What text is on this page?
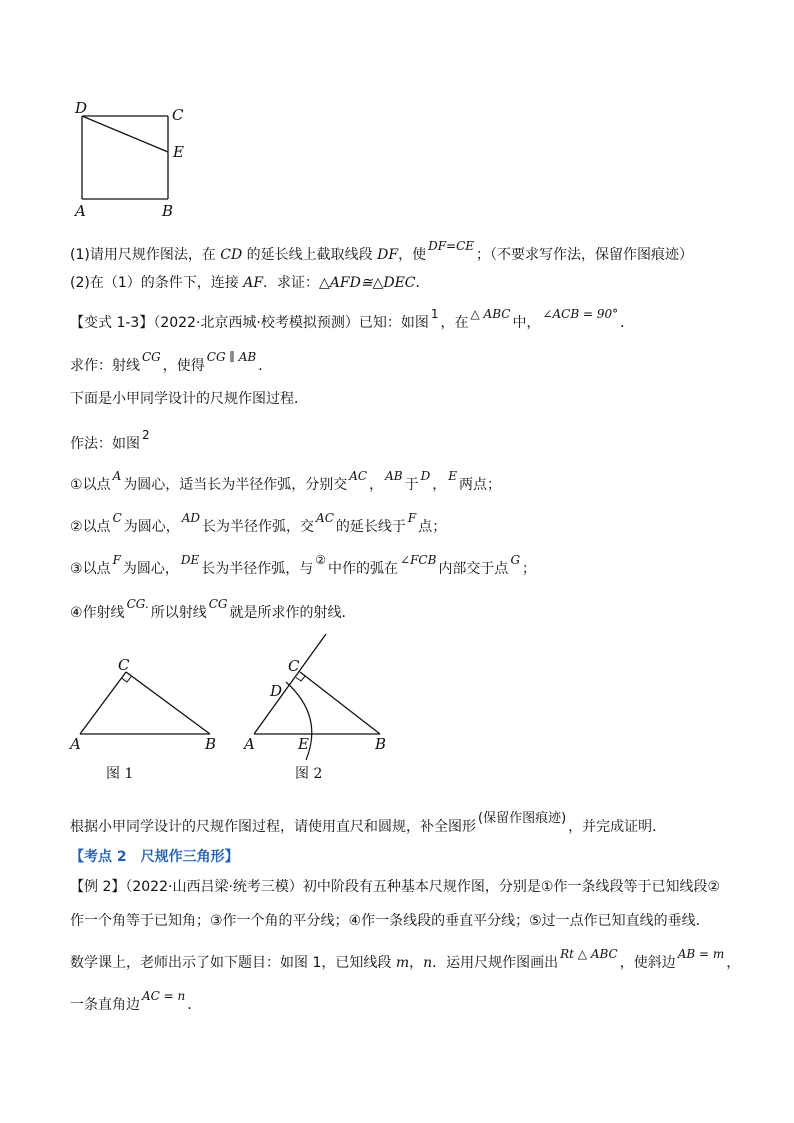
D	C
E
A	B
(1)请用尺规作图法，在 CD 的延长线上截取线段 DF，使DF=CE；（不要求写作法，保留作图痕迹）
(2)在（1）的条件下，连接 AF．求证：△AFD≅△DEC．
【变式 1-3】（2022·北京西城·校考模拟预测）已知：如图1，在△ ABC中，∠ACB = 90°．
求作：射线CG，使得CG ∥ AB．
下面是小甲同学设计的尺规作图过程．
作法：如图2
①以点A为圆心，适当长为半径作弧，分别交AC，AB于D，E两点；
②以点C为圆心，AD长为半径作弧，交AC的延长线于F点；
③以点F为圆心，DE长为半径作弧，与②中作的弧在∠FCB内部交于点G；
④作射线CG.所以射线CG就是所求作的射线．
C
A	B
图 1
C
D
A	E	B
图 2
根据小甲同学设计的尺规作图过程，请使用直尺和圆规，补全图形(保留作图痕迹)，并完成证明．
【考点 2　尺规作三角形】
【例 2】（2022·山西吕梁·统考三模）初中阶段有五种基本尺规作图，分别是①作一条线段等于已知线段②
作一个角等于已知角；③作一个角的平分线；④作一条线段的垂直平分线；⑤过一点作已知直线的垂线．
数学课上，老师出示了如下题目：如图 1，已知线段 m，n．运用尺规作图画出Rt △ ABC，使斜边AB = m，
一条直角边AC = n．
